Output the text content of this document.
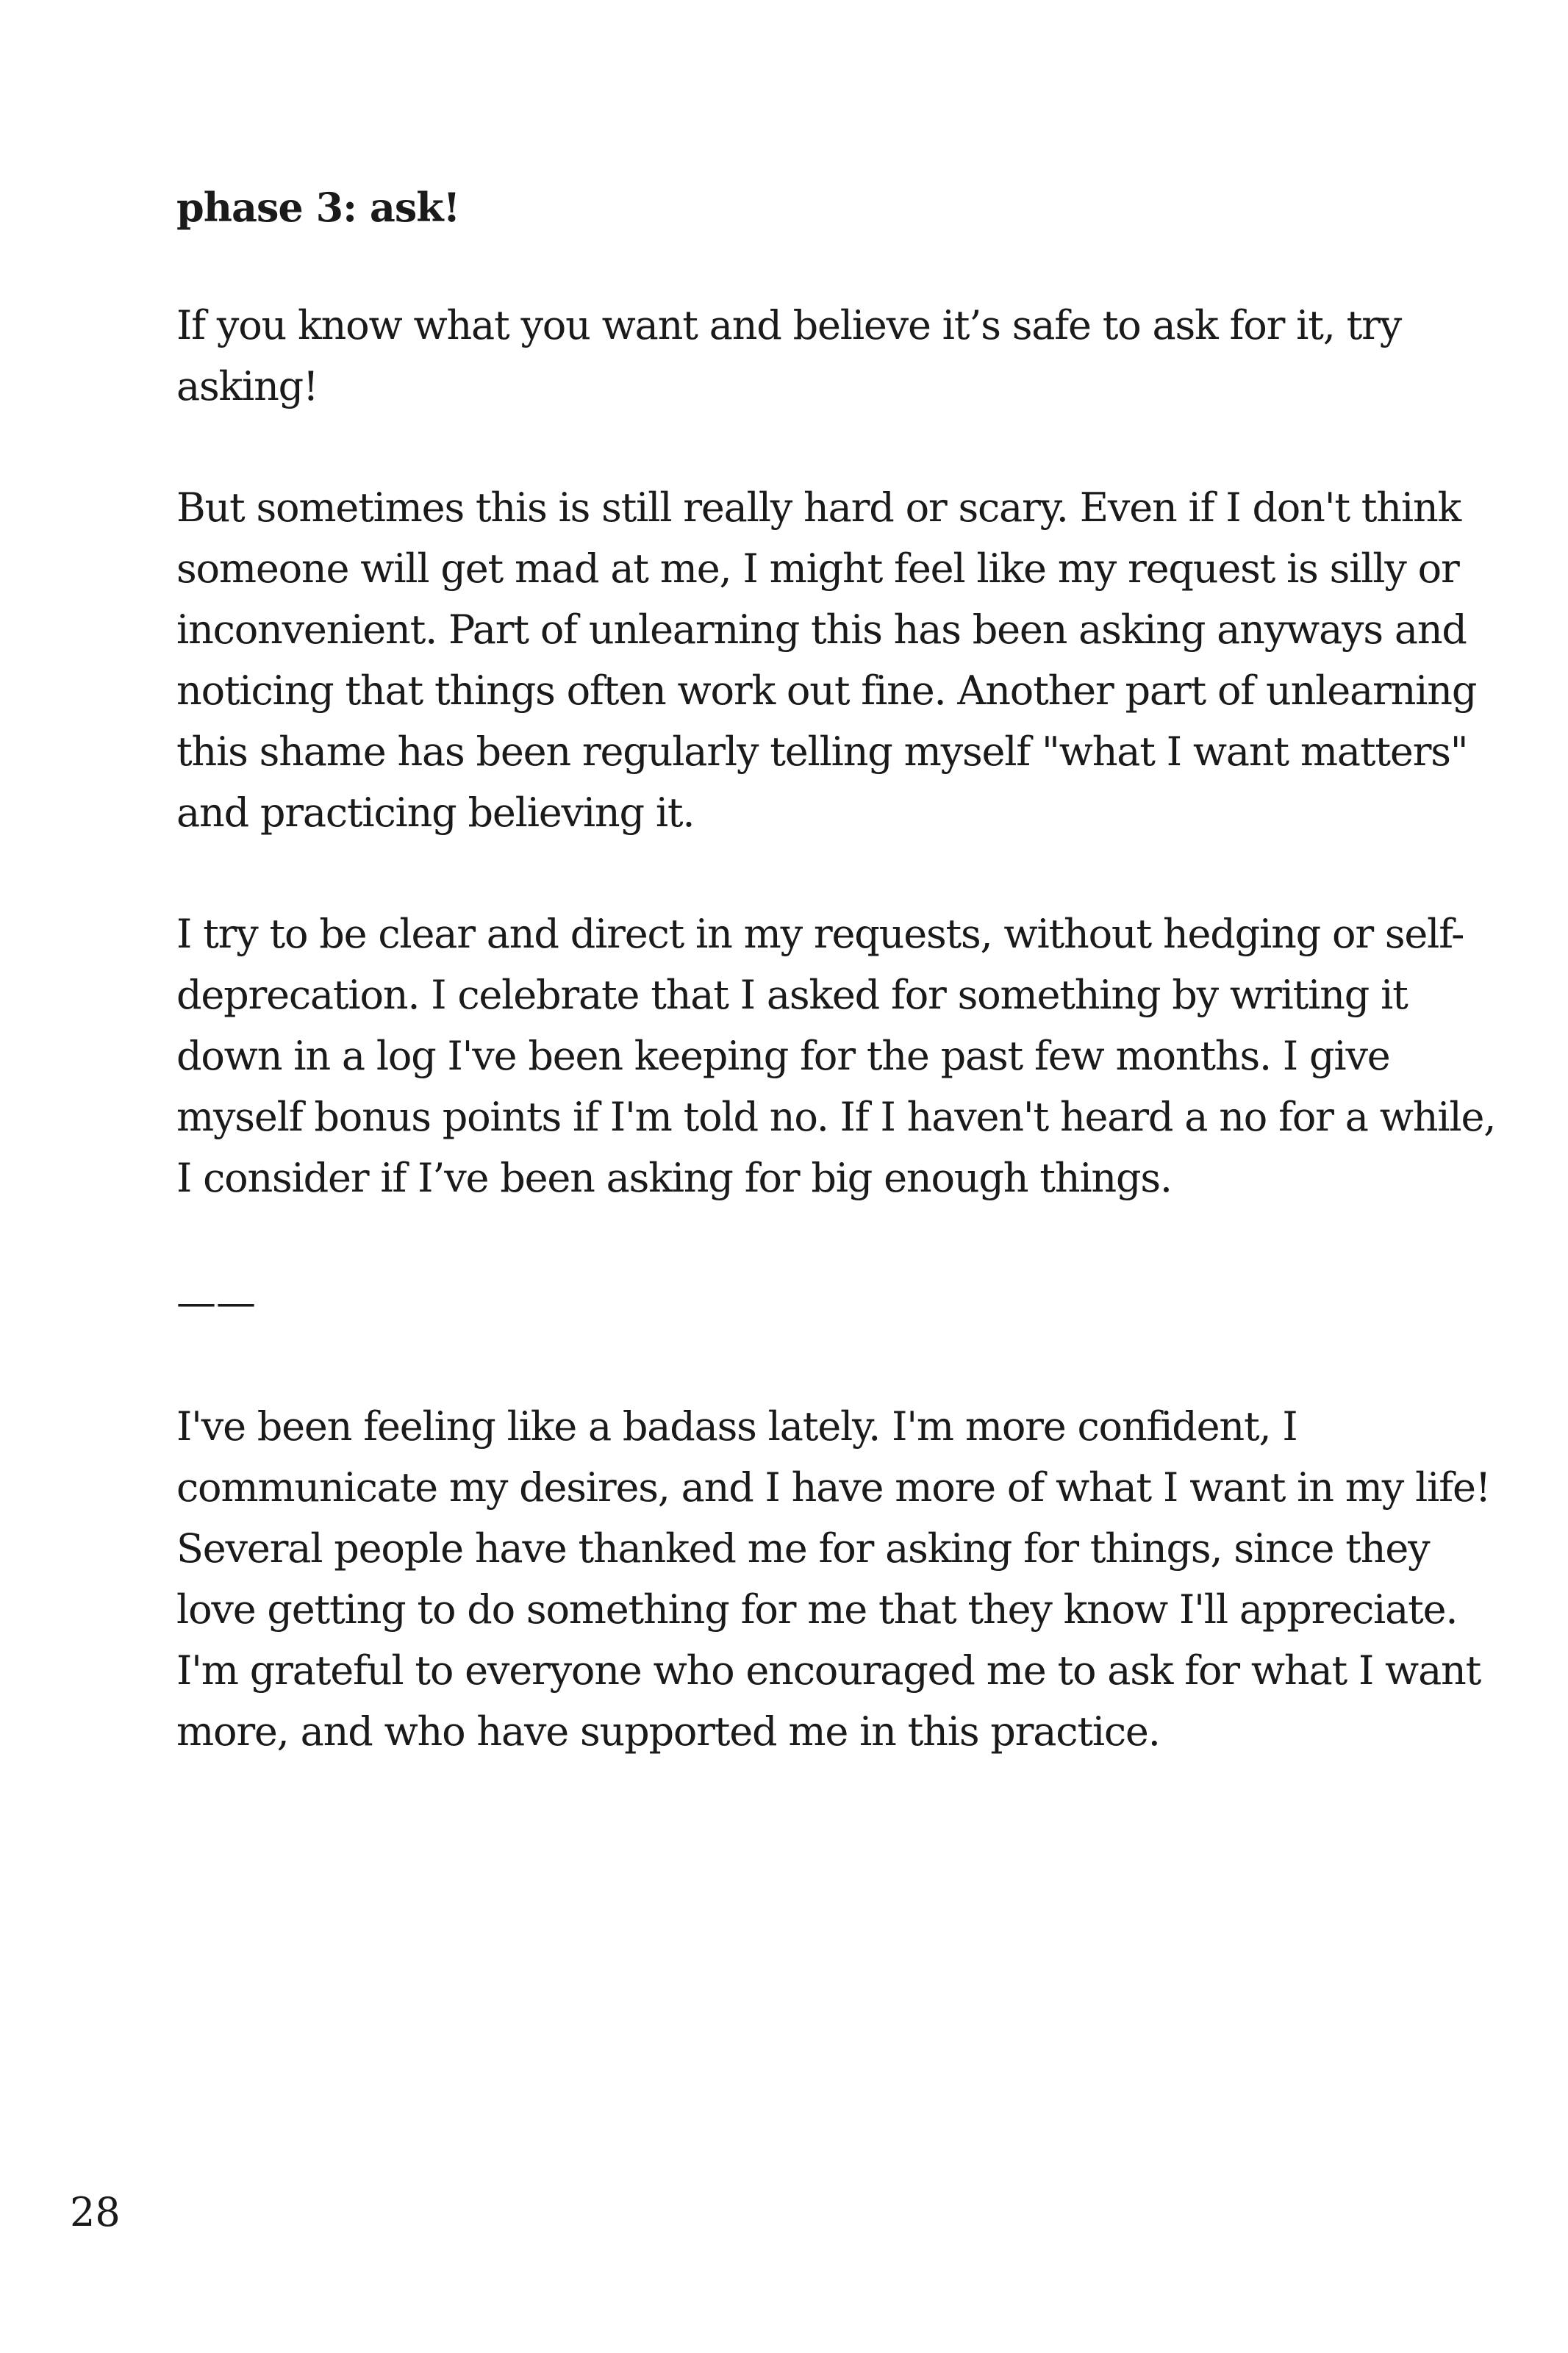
phase 3: ask!

If you know what you want and believe it’s safe to ask for it, try asking!

But sometimes this is still really hard or scary. Even if I don't think someone will get mad at me, I might feel like my request is silly or inconvenient. Part of unlearning this has been asking anyways and noticing that things often work out fine. Another part of unlearning this shame has been regularly telling myself "what I want matters" and practicing believing it.

I try to be clear and direct in my requests, without hedging or self-deprecation. I celebrate that I asked for something by writing it down in a log I've been keeping for the past few months. I give myself bonus points if I'm told no. If I haven't heard a no for a while, I consider if I’ve been asking for big enough things.

——

I've been feeling like a badass lately. I'm more confident, I communicate my desires, and I have more of what I want in my life! Several people have thanked me for asking for things, since they love getting to do something for me that they know I'll appreciate. I'm grateful to everyone who encouraged me to ask for what I want more, and who have supported me in this practice.

28
